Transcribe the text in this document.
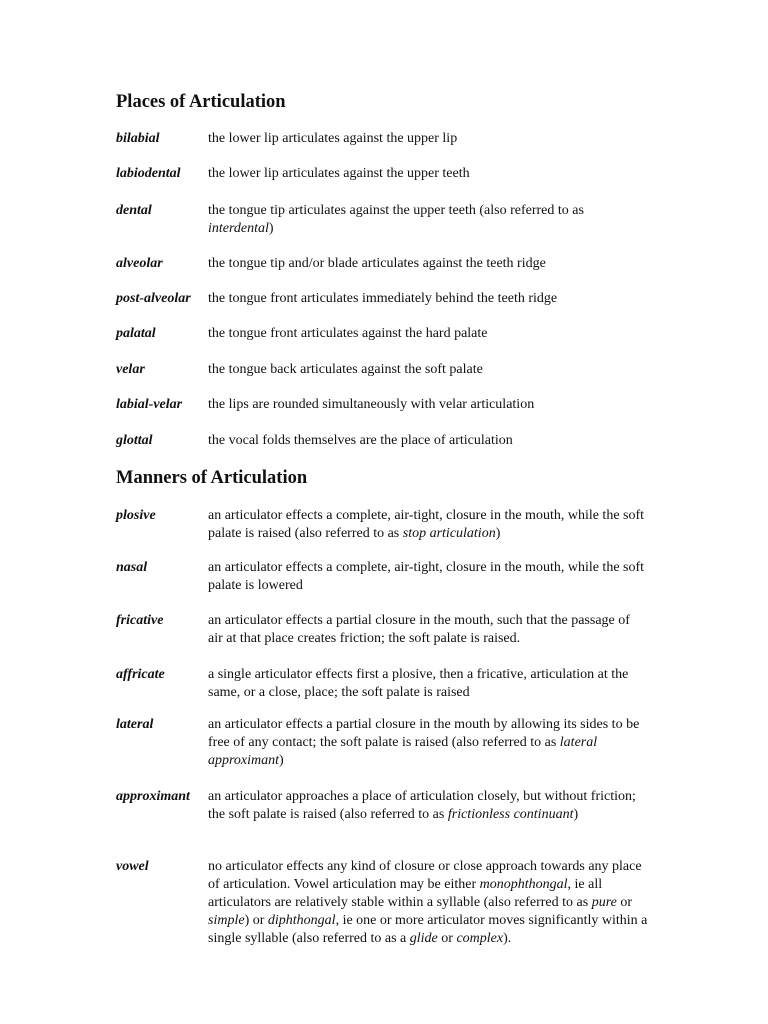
Places of Articulation
bilabial	the lower lip articulates against the upper lip
labiodental the lower lip articulates against the upper teeth
dental	the tongue tip articulates against the upper teeth (also referred to as interdental)
alveolar	the tongue tip and/or blade articulates against the teeth ridge
post-alveolar the tongue front articulates immediately behind the teeth ridge
palatal	the tongue front articulates against the hard palate
velar	the tongue back articulates against the soft palate
labial-velar the lips are rounded simultaneously with velar articulation
glottal	the vocal folds themselves are the place of articulation
Manners of Articulation
plosive	an articulator effects a complete, air-tight, closure in the mouth, while the soft palate is raised (also referred to as stop articulation)
nasal	an articulator effects a complete, air-tight, closure in the mouth, while the soft palate is lowered
fricative	an articulator effects a partial closure in the mouth, such that the passage of air at that place creates friction; the soft palate is raised.
affricate	a single articulator effects first a plosive, then a fricative, articulation at the same, or a close, place; the soft palate is raised
lateral	an articulator effects a partial closure in the mouth by allowing its sides to be free of any contact; the soft palate is raised (also referred to as lateral approximant)
approximant an articulator approaches a place of articulation closely, but without friction; the soft palate is raised (also referred to as frictionless continuant)
vowel	no articulator effects any kind of closure or close approach towards any place of articulation. Vowel articulation may be either monophthongal, ie all articulators are relatively stable within a syllable (also referred to as pure or simple) or diphthongal, ie one or more articulator moves significantly within a single syllable (also referred to as a glide or complex).
